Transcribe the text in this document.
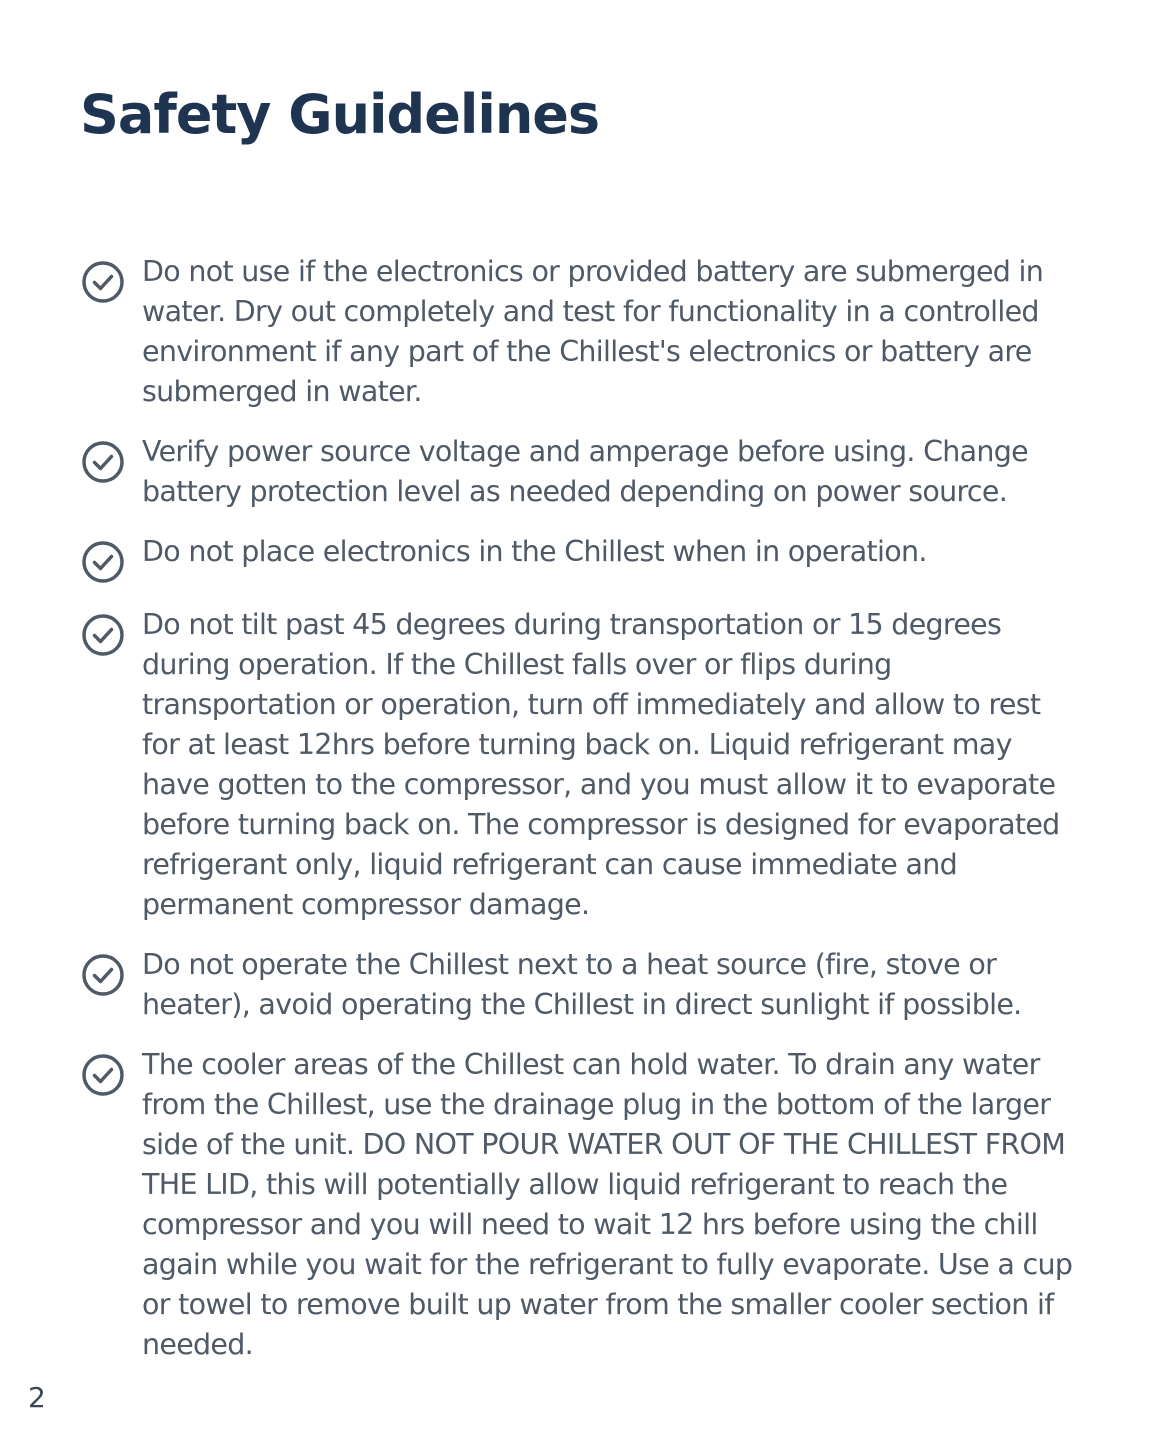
Safety Guidelines
Do not use if the electronics or provided battery are submerged in water. Dry out completely and test for functionality in a controlled environment if any part of the Chillest's electronics or battery are submerged in water.
Verify power source voltage and amperage before using. Change battery protection level as needed depending on power source.
Do not place electronics in the Chillest when in operation.
Do not tilt past 45 degrees during transportation or 15 degrees during operation. If the Chillest falls over or flips during transportation or operation, turn off immediately and allow to rest for at least 12hrs before turning back on. Liquid refrigerant may have gotten to the compressor, and you must allow it to evaporate before turning back on. The compressor is designed for evaporated refrigerant only, liquid refrigerant can cause immediate and permanent compressor damage.
Do not operate the Chillest next to a heat source (fire, stove or heater), avoid operating the Chillest in direct sunlight if possible.
The cooler areas of the Chillest can hold water. To drain any water from the Chillest, use the drainage plug in the bottom of the larger side of the unit. DO NOT POUR WATER OUT OF THE CHILLEST FROM THE LID, this will potentially allow liquid refrigerant to reach the compressor and you will need to wait 12 hrs before using the chill again while you wait for the refrigerant to fully evaporate. Use a cup or towel to remove built up water from the smaller cooler section if needed.
2
